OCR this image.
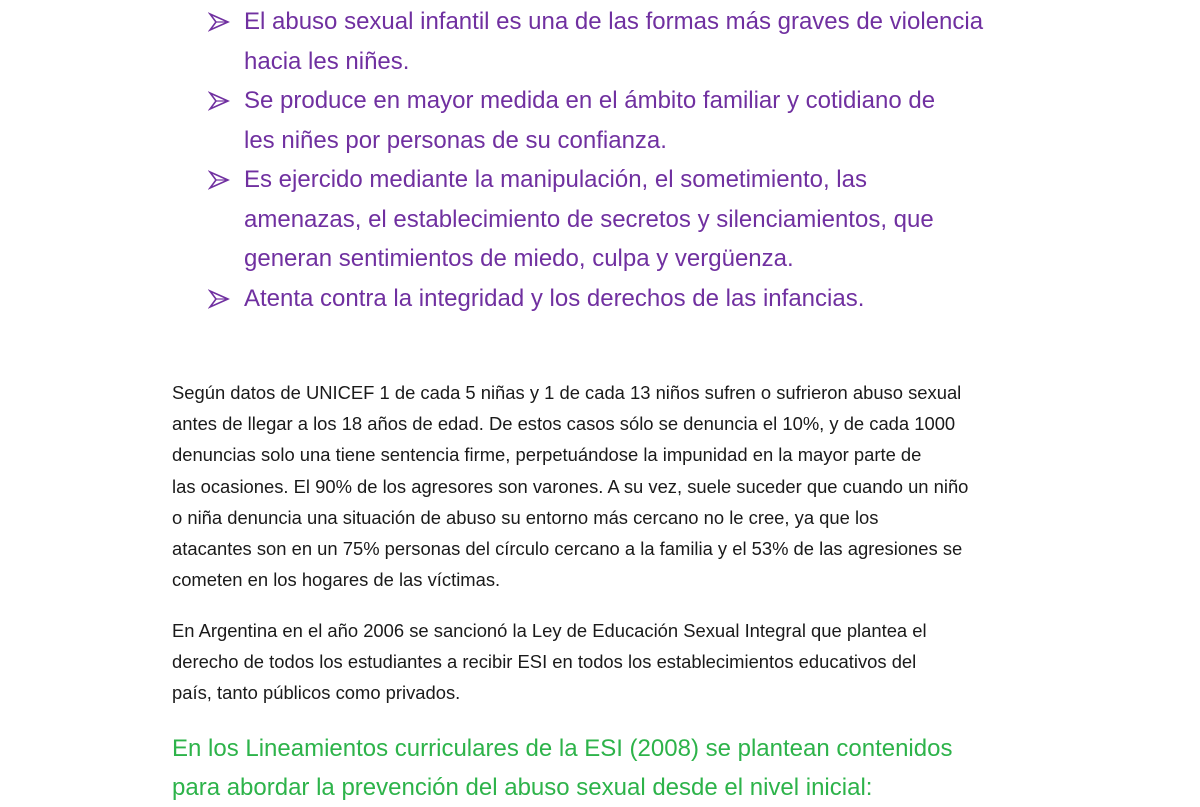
El abuso sexual infantil es una de las formas más graves de violencia
hacia les niñes.
Se produce en mayor medida en el ámbito familiar y cotidiano de
les niñes por personas de su confianza.
Es ejercido mediante la manipulación, el sometimiento, las
amenazas, el establecimiento de secretos y silenciamientos, que
generan sentimientos de miedo, culpa y vergüenza.
Atenta contra la integridad y los derechos de las infancias.

Según datos de UNICEF 1 de cada 5 niñas y 1 de cada 13 niños sufren o sufrieron abuso sexual
antes de llegar a los 18 años de edad. De estos casos sólo se denuncia el 10%, y de cada 1000
denuncias solo una tiene sentencia firme, perpetuándose la impunidad en la mayor parte de
las ocasiones. El 90% de los agresores son varones. A su vez, suele suceder que cuando un niño
o niña denuncia una situación de abuso su entorno más cercano no le cree, ya que los
atacantes son en un 75% personas del círculo cercano a la familia y el 53% de las agresiones se
cometen en los hogares de las víctimas.

En Argentina en el año 2006 se sancionó la Ley de Educación Sexual Integral que plantea el
derecho de todos los estudiantes a recibir ESI en todos los establecimientos educativos del
país, tanto públicos como privados.

En los Lineamientos curriculares de la ESI (2008) se plantean contenidos
para abordar la prevención del abuso sexual desde el nivel inicial:
